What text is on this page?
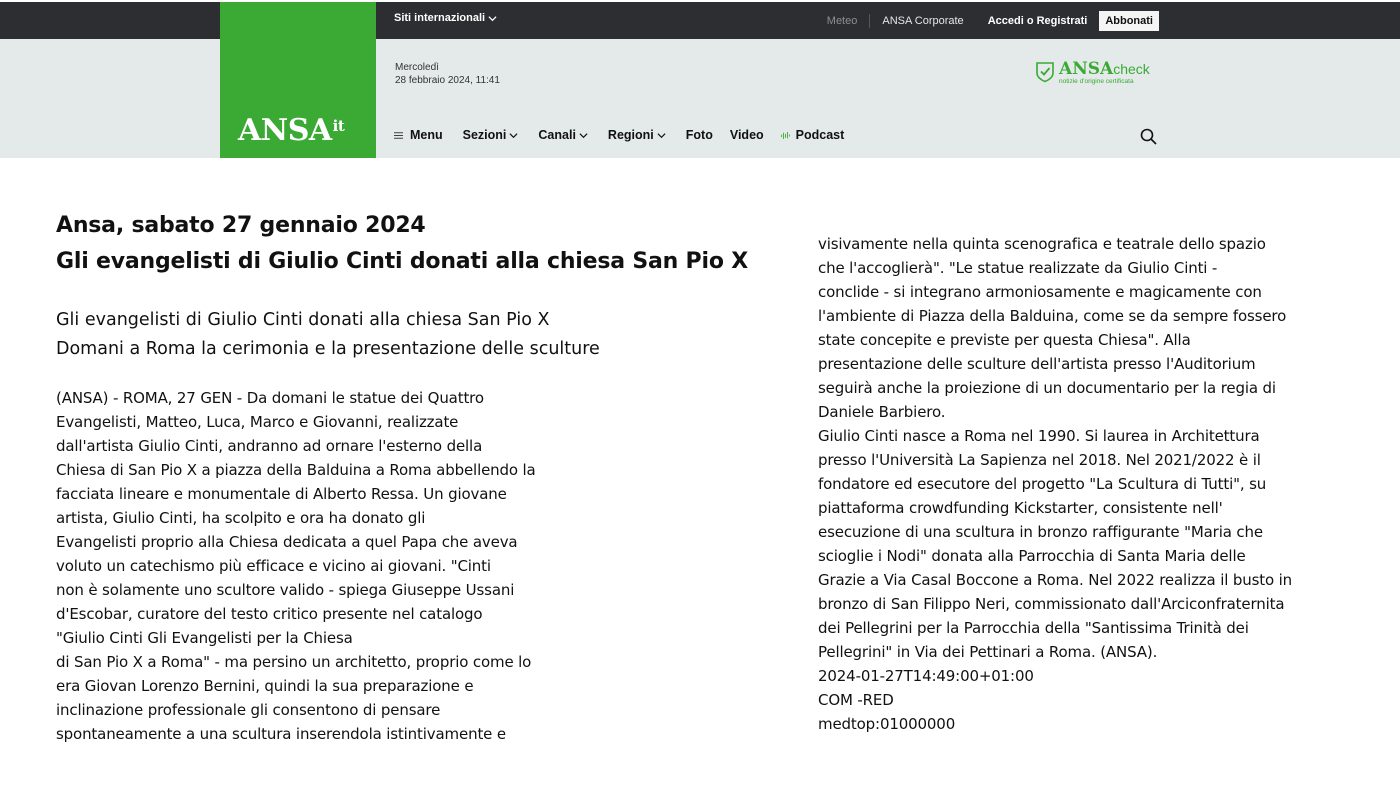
$ANSA^{it}$
Siti internazionali	Meteo	ANSA Corporate	Accedi o Registrati	Abbonati
Mercoledì
28 febbraio 2024, 11:41
ANSAcheck
notizie d'origine certificata
Menu Sezioni	Canali	Regioni	Foto Video	Podcast
Ansa, sabato 27 gennaio 2024
Gli evangelisti di Giulio Cinti donati alla chiesa San Pio X
Gli evangelisti di Giulio Cinti donati alla chiesa San Pio X
Domani a Roma la cerimonia e la presentazione delle sculture
(ANSA) - ROMA, 27 GEN - Da domani le statue dei Quattro
Evangelisti, Matteo, Luca, Marco e Giovanni, realizzate
dall'artista Giulio Cinti, andranno ad ornare l'esterno della
Chiesa di San Pio X a piazza della Balduina a Roma abbellendo la
facciata lineare e monumentale di Alberto Ressa. Un giovane
artista, Giulio Cinti, ha scolpito e ora ha donato gli
Evangelisti proprio alla Chiesa dedicata a quel Papa che aveva
voluto un catechismo più efficace e vicino ai giovani. "Cinti
non è solamente uno scultore valido - spiega Giuseppe Ussani
d'Escobar, curatore del testo critico presente nel catalogo
"Giulio Cinti Gli Evangelisti per la Chiesa
di San Pio X a Roma" - ma persino un architetto, proprio come lo
era Giovan Lorenzo Bernini, quindi la sua preparazione e
inclinazione professionale gli consentono di pensare
spontaneamente a una scultura inserendola istintivamente e
visivamente nella quinta scenografica e teatrale dello spazio
che l'accoglierà". "Le statue realizzate da Giulio Cinti -
conclide - si integrano armoniosamente e magicamente con
l'ambiente di Piazza della Balduina, come se da sempre fossero
state concepite e previste per questa Chiesa". Alla
presentazione delle sculture dell'artista presso l'Auditorium
seguirà anche la proiezione di un documentario per la regia di
Daniele Barbiero.
Giulio Cinti nasce a Roma nel 1990. Si laurea in Architettura
presso l'Università La Sapienza nel 2018. Nel 2021/2022 è il
fondatore ed esecutore del progetto "La Scultura di Tutti", su
piattaforma crowdfunding Kickstarter, consistente nell'
esecuzione di una scultura in bronzo raffigurante "Maria che
scioglie i Nodi" donata alla Parrocchia di Santa Maria delle
Grazie a Via Casal Boccone a Roma. Nel 2022 realizza il busto in
bronzo di San Filippo Neri, commissionato dall'Arciconfraternita
dei Pellegrini per la Parrocchia della "Santissima Trinità dei
Pellegrini" in Via dei Pettinari a Roma. (ANSA).
2024-01-27T14:49:00+01:00
COM -RED
medtop:01000000
